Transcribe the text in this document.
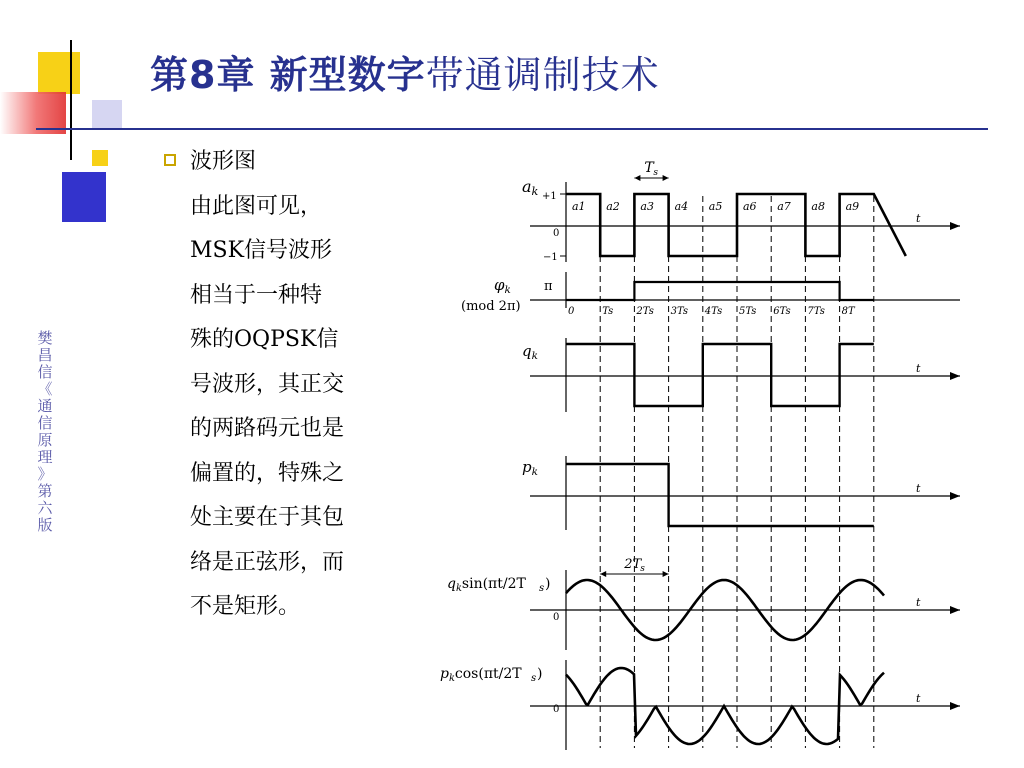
第8章 新型数字带通调制技术
波形图
由此图可见，
MSK信号波形
相当于一种特
殊的OQPSK信
号波形，其正交
的两路码元也是
偏置的，特殊之
处主要在于其包
络是正弦形，而
不是矩形。
樊
昌
信
《
通
信
原
理
》
第
六
版
t
t
t
t
t
a1 a2 a3 a4 a5 a6 a7 a8 a9
0	Ts 2Ts 3Ts 4Ts 5Ts 6Ts 7Ts 8T
ak +1
0
−1
$\varphi_k$	π
(mod 2π)
$q_k$
$p_k$
$q_k\sin(\pi t/2T$ s )
$p_k\cos(\pi t/2T$ s )
0
0
T s
2T s
